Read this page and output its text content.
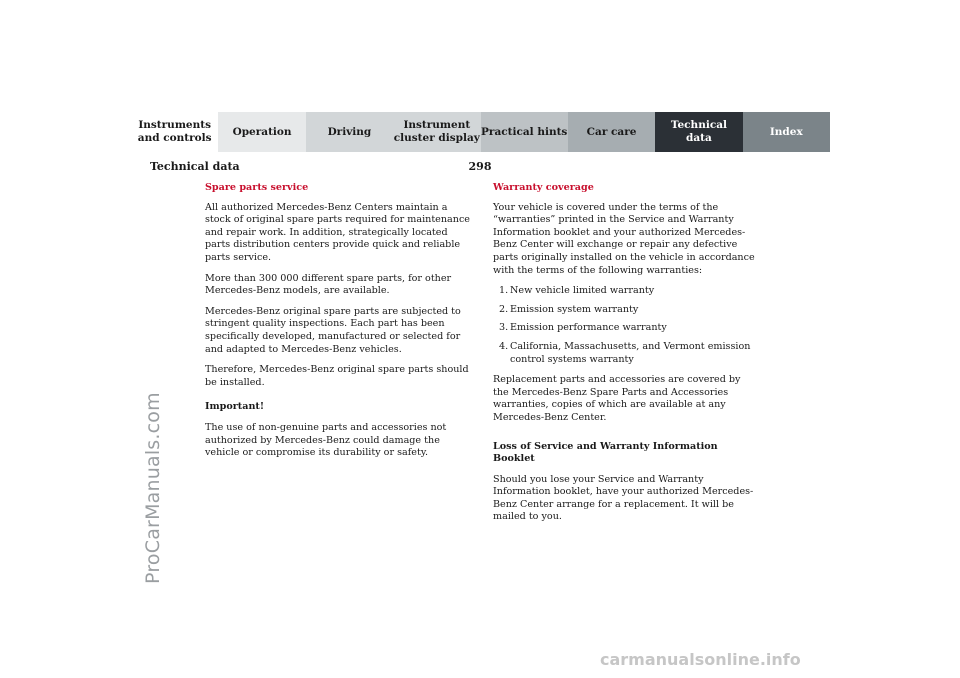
Instruments
and controls
Operation	Driving
Instrument
cluster display
Practical hints	Car care
Technical
data
Index
298
Technical data
ProCarManuals.com

Spare parts service

All authorized Mercedes-Benz Centers maintain a stock of original spare parts required for maintenance and repair work. In addition, strategically located parts distribution centers provide quick and reliable parts service.

More than 300 000 different spare parts, for other Mercedes-Benz models, are available.

Mercedes-Benz original spare parts are subjected to stringent quality inspections. Each part has been specifically developed, manufactured or selected for and adapted to Mercedes-Benz vehicles.

Therefore, Mercedes-Benz original spare parts should be installed.

Important!

The use of non-genuine parts and accessories not authorized by Mercedes-Benz could damage the vehicle or compromise its durability or safety.

Warranty coverage

Your vehicle is covered under the terms of the “warranties” printed in the Service and Warranty Information booklet and your authorized Mercedes-Benz Center will exchange or repair any defective parts originally installed on the vehicle in accordance with the terms of the following warranties:

1. New vehicle limited warranty
2. Emission system warranty
3. Emission performance warranty
4. California, Massachusetts, and Vermont emission control systems warranty

Replacement parts and accessories are covered by the Mercedes-Benz Spare Parts and Accessories warranties, copies of which are available at any Mercedes-Benz Center.

Loss of Service and Warranty Information Booklet

Should you lose your Service and Warranty Information booklet, have your authorized Mercedes-Benz Center arrange for a replacement. It will be mailed to you.

carmanualsonline.info
